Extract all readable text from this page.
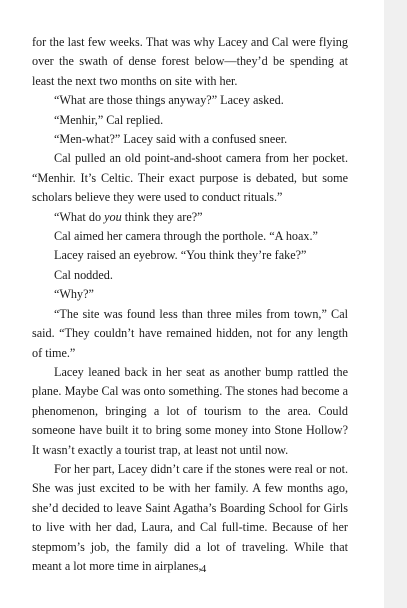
for the last few weeks. That was why Lacey and Cal were flying over the swath of dense forest below—they’d be spending at least the next two months on site with her.

“What are those things anyway?” Lacey asked.

“Menhir,” Cal replied.

“Men-what?” Lacey said with a confused sneer.

Cal pulled an old point-and-shoot camera from her pocket. “Menhir. It’s Celtic. Their exact purpose is debated, but some scholars believe they were used to conduct rituals.”

“What do you think they are?”

Cal aimed her camera through the porthole. “A hoax.”

Lacey raised an eyebrow. “You think they’re fake?”

Cal nodded.

“Why?”

“The site was found less than three miles from town,” Cal said. “They couldn’t have remained hidden, not for any length of time.”

Lacey leaned back in her seat as another bump rattled the plane. Maybe Cal was onto something. The stones had become a phenomenon, bringing a lot of tourism to the area. Could someone have built it to bring some money into Stone Hollow? It wasn’t exactly a tourist trap, at least not until now.

For her part, Lacey didn’t care if the stones were real or not. She was just excited to be with her family. A few months ago, she’d decided to leave Saint Agatha’s Boarding School for Girls to live with her dad, Laura, and Cal full-time. Because of her stepmom’s job, the family did a lot of traveling. While that meant a lot more time in airplanes, 4
